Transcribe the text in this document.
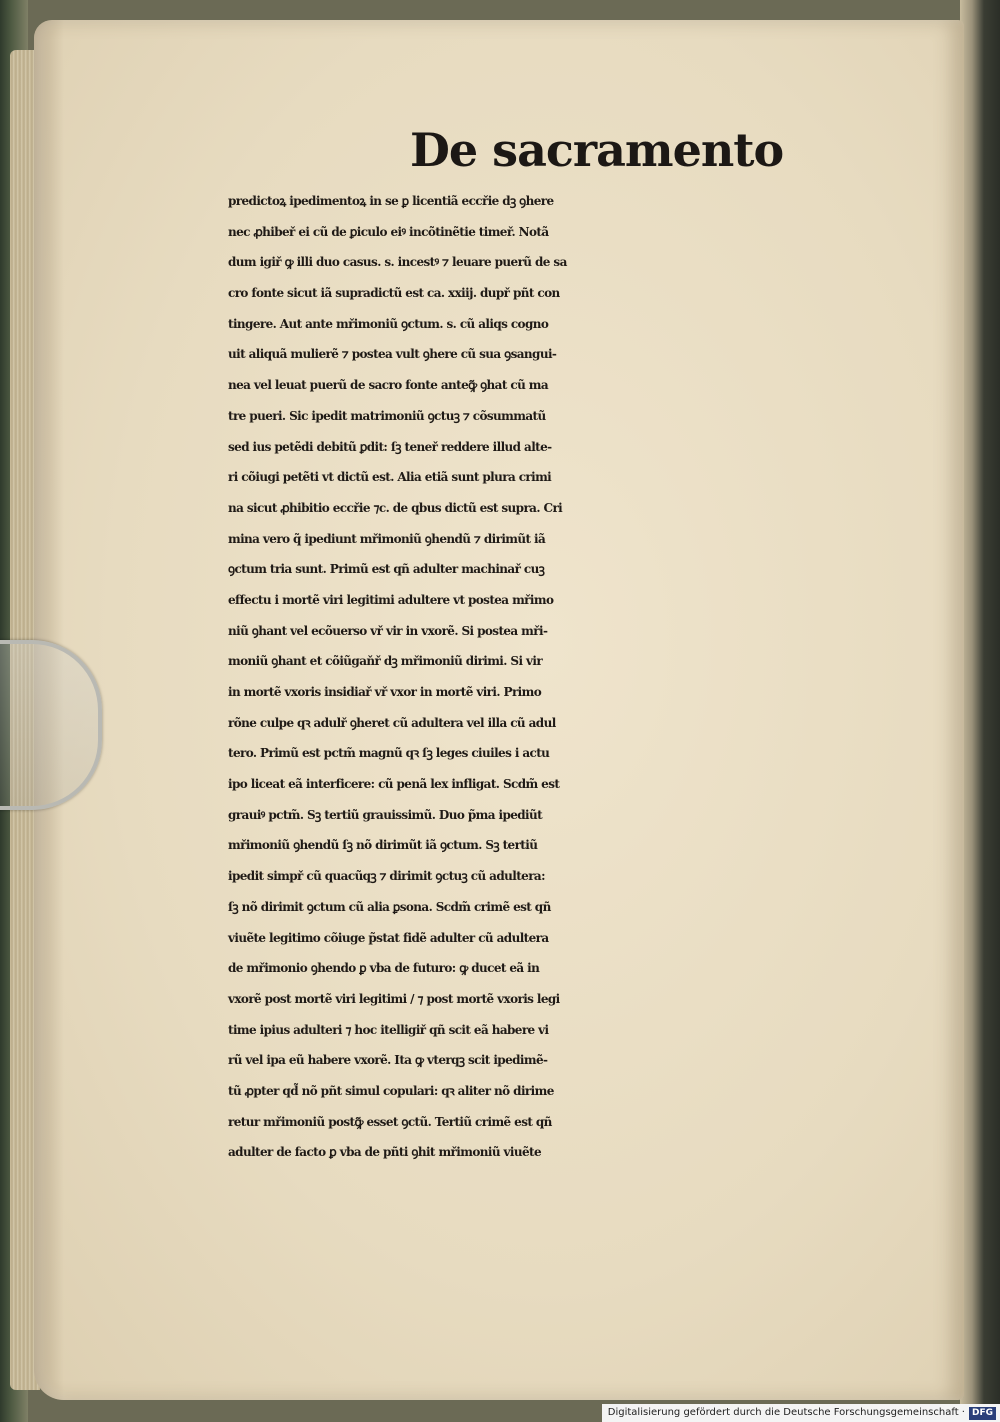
De sacramento
predictoꝝ ipedimentoꝝ in se ꝑ licentiã eccřie dꝫ ꝯhere
nec ꝓhibeř ei cũ de ꝑiculo eiꝰ incõtinẽtie timeř. Notã
dum igiř ꝙ illi duo casus. s. incestꝰ ⁊ leuare puerũ de sa
cro fonte sicut iã supradictũ est ca. xxiij. dupř pñt con
tingere. Aut ante mřimoniũ ꝯctum. s. cũ aliqs cogno
uit aliquã mulierẽ ⁊ postea vult ꝯhere cũ sua ꝯsangui-
nea vel leuat puerũ de sacro fonte anteꝙ̃ ꝯhat cũ ma
tre pueri. Sic ipedit matrimoniũ ꝯctuꝫ ⁊ cõsummatũ
sed ius petẽdi debitũ ꝑdit: ſꝫ teneř reddere illud alte-
ri cõiugi petẽti vt dictũ est. Alia etiã sunt plura crimi
na sicut ꝓhibitio eccřie ⁊c. de qbus dictũ est supra. Cri
mina vero q̃ ipediunt mřimoniũ ꝯhendũ ⁊ dirimũt iã
ꝯctum tria sunt. Primũ est qñ adulter machinař cuꝫ
effectu i mortẽ viri legitimi adultere vt postea mřimo
niũ ꝯhant vel ecõuerso vř vir in vxorẽ. Si postea mři-
moniũ ꝯhant et cõiũgaňř dꝫ mřimoniũ dirimi. Si vir
in mortẽ vxoris insidiař vř vxor in mortẽ viri. Primo
rõne culpe qꝛ adulř ꝯheret cũ adultera vel illa cũ adul
tero. Primũ est pctm̃ magnũ qꝛ ſꝫ leges ciuiles i actu
ipo liceat eã interficere: cũ penã lex infligat. Scdm̃ est
grauiꝰ pctm̃. Sꝫ tertiũ grauissimũ. Duo p̃ma ipediũt
mřimoniũ ꝯhendũ ſꝫ nõ dirimũt iã ꝯctum. Sꝫ tertiũ
ipedit simpř cũ quacũqꝫ ⁊ dirimit ꝯctuꝫ cũ adultera:
ſꝫ nõ dirimit ꝯctum cũ alia ꝑsona. Scdm̃ crimẽ est qñ
viuẽte legitimo cõiuge p̃stat fidẽ adulter cũ adultera
de mřimonio ꝯhendo ꝑ vba de futuro: ꝙ ducet eã in
vxorẽ post mortẽ viri legitimi / ⁊ post mortẽ vxoris legi
time ipius adulteri ⁊ hoc itelligiř qñ scit eã habere vi
rũ vel ipa eũ habere vxorẽ. Ita ꝙ vterqꝫ scit ipedimẽ-
tũ ꝓpter qd̃ nõ pñt simul copulari: qꝛ aliter nõ dirime
retur mřimoniũ postꝙ̃ esset ꝯctũ. Tertiũ crimẽ est qñ
adulter de facto ꝑ vba de pñti ꝯhit mřimoniũ viuẽte
Digitalisierung gefördert durch die Deutsche Forschungsgemeinschaft · DFG
